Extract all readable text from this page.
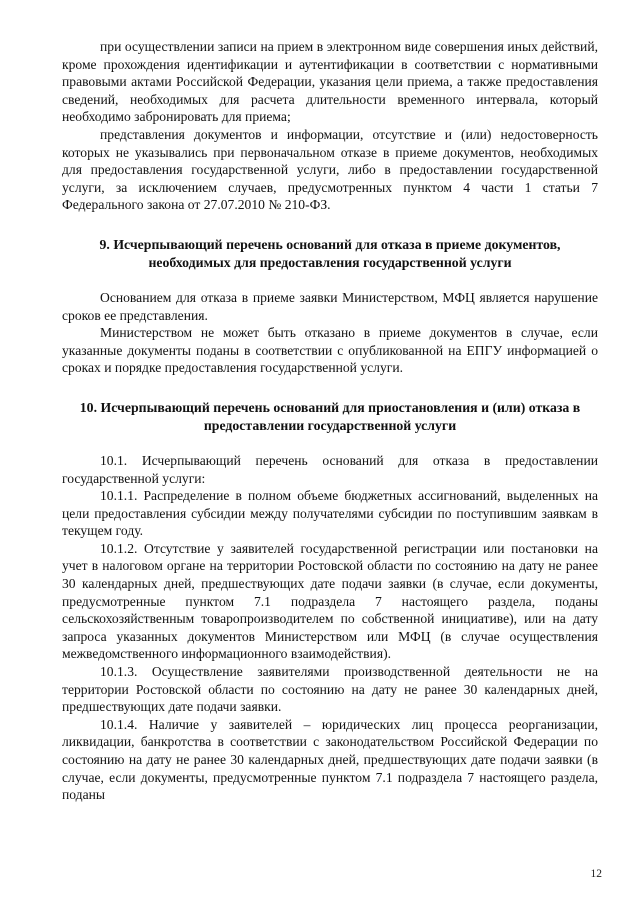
при осуществлении записи на прием в электронном виде совершения иных действий, кроме прохождения идентификации и аутентификации в соответствии с нормативными правовыми актами Российской Федерации, указания цели приема, а также предоставления сведений, необходимых для расчета длительности временного интервала, который необходимо забронировать для приема;

представления документов и информации, отсутствие и (или) недостоверность которых не указывались при первоначальном отказе в приеме документов, необходимых для предоставления государственной услуги, либо в предоставлении государственной услуги, за исключением случаев, предусмотренных пунктом 4 части 1 статьи 7 Федерального закона от 27.07.2010 № 210-ФЗ.

9. Исчерпывающий перечень оснований для отказа в приеме документов, необходимых для предоставления государственной услуги

Основанием для отказа в приеме заявки Министерством, МФЦ является нарушение сроков ее представления.

Министерством не может быть отказано в приеме документов в случае, если указанные документы поданы в соответствии с опубликованной на ЕПГУ информацией о сроках и порядке предоставления государственной услуги.

10. Исчерпывающий перечень оснований для приостановления и (или) отказа в предоставлении государственной услуги

10.1. Исчерпывающий перечень оснований для отказа в предоставлении государственной услуги:

10.1.1. Распределение в полном объеме бюджетных ассигнований, выделенных на цели предоставления субсидии между получателями субсидии по поступившим заявкам в текущем году.

10.1.2. Отсутствие у заявителей государственной регистрации или постановки на учет в налоговом органе на территории Ростовской области по состоянию на дату не ранее 30 календарных дней, предшествующих дате подачи заявки (в случае, если документы, предусмотренные пунктом 7.1 подраздела 7 настоящего раздела, поданы сельскохозяйственным товаропроизводителем по собственной инициативе), или на дату запроса указанных документов Министерством или МФЦ (в случае осуществления межведомственного информационного взаимодействия).

10.1.3. Осуществление заявителями производственной деятельности не на территории Ростовской области по состоянию на дату не ранее 30 календарных дней, предшествующих дате подачи заявки.

10.1.4. Наличие у заявителей – юридических лиц процесса реорганизации, ликвидации, банкротства в соответствии с законодательством Российской Федерации по состоянию на дату не ранее 30 календарных дней, предшествующих дате подачи заявки (в случае, если документы, предусмотренные пунктом 7.1 подраздела 7 настоящего раздела, поданы

12
